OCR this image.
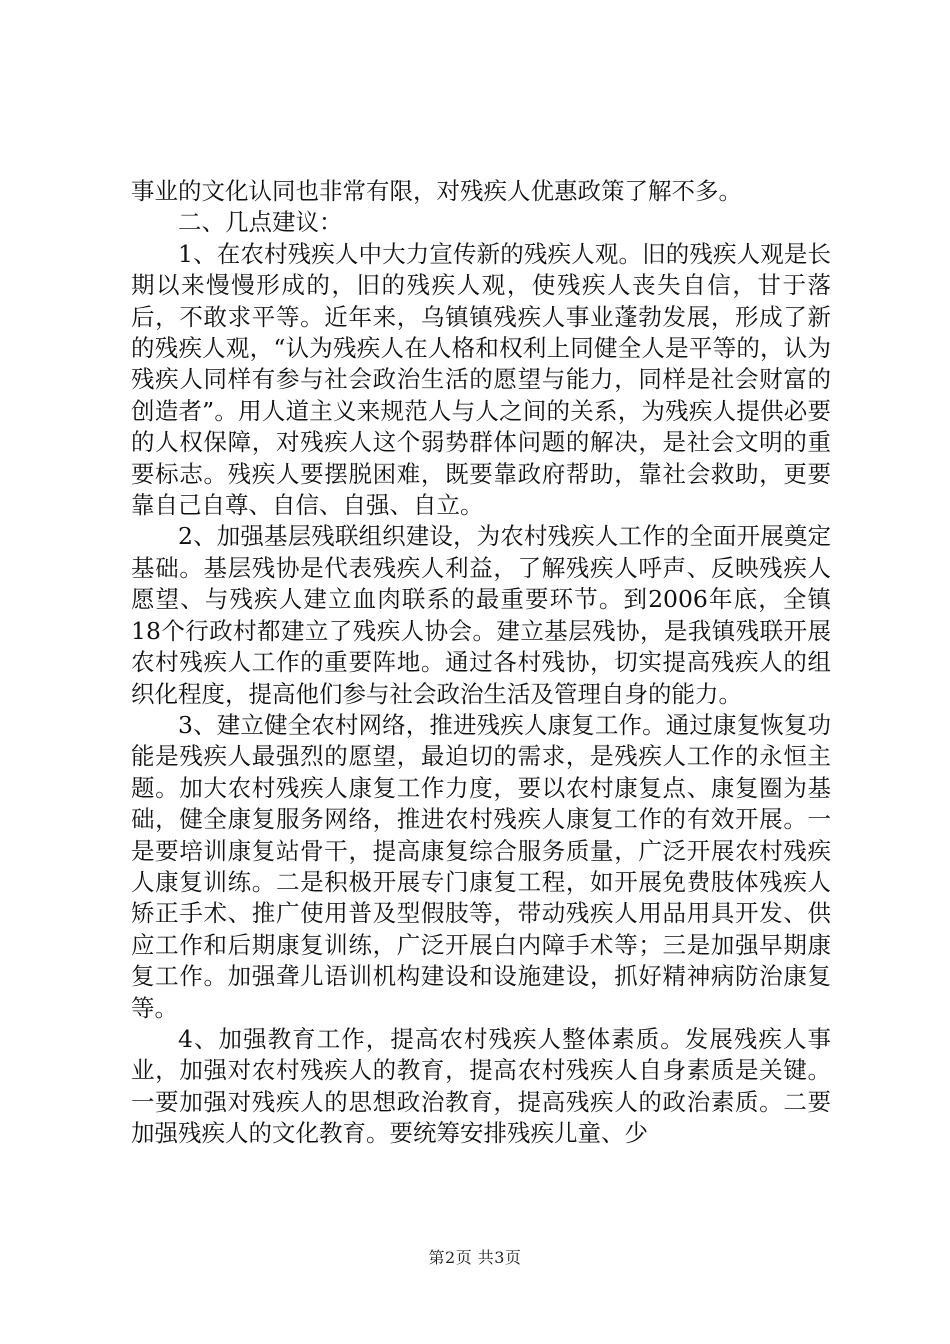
事业的文化认同也非常有限，对残疾人优惠政策了解不多。

二、几点建议：

1、在农村残疾人中大力宣传新的残疾人观。旧的残疾人观是长期以来慢慢形成的，旧的残疾人观，使残疾人丧失自信，甘于落后，不敢求平等。近年来，乌镇镇残疾人事业蓬勃发展，形成了新的残疾人观，“认为残疾人在人格和权利上同健全人是平等的，认为残疾人同样有参与社会政治生活的愿望与能力，同样是社会财富的创造者”。用人道主义来规范人与人之间的关系，为残疾人提供必要的人权保障，对残疾人这个弱势群体问题的解决，是社会文明的重要标志。残疾人要摆脱困难，既要靠政府帮助，靠社会救助，更要靠自己自尊、自信、自强、自立。

2、加强基层残联组织建设，为农村残疾人工作的全面开展奠定基础。基层残协是代表残疾人利益，了解残疾人呼声、反映残疾人愿望、与残疾人建立血肉联系的最重要环节。到2006年底，全镇18个行政村都建立了残疾人协会。建立基层残协，是我镇残联开展农村残疾人工作的重要阵地。通过各村残协，切实提高残疾人的组织化程度，提高他们参与社会政治生活及管理自身的能力。

3、建立健全农村网络，推进残疾人康复工作。通过康复恢复功能是残疾人最强烈的愿望，最迫切的需求，是残疾人工作的永恒主题。加大农村残疾人康复工作力度，要以农村康复点、康复圈为基础，健全康复服务网络，推进农村残疾人康复工作的有效开展。一是要培训康复站骨干，提高康复综合服务质量，广泛开展农村残疾人康复训练。二是积极开展专门康复工程，如开展免费肢体残疾人矫正手术、推广使用普及型假肢等，带动残疾人用品用具开发、供应工作和后期康复训练，广泛开展白内障手术等；三是加强早期康复工作。加强聋儿语训机构建设和设施建设，抓好精神病防治康复等。

4、加强教育工作，提高农村残疾人整体素质。发展残疾人事业，加强对农村残疾人的教育，提高农村残疾人自身素质是关键。一要加强对残疾人的思想政治教育，提高残疾人的政治素质。二要加强残疾人的文化教育。要统筹安排残疾儿童、少

第2页 共3页
